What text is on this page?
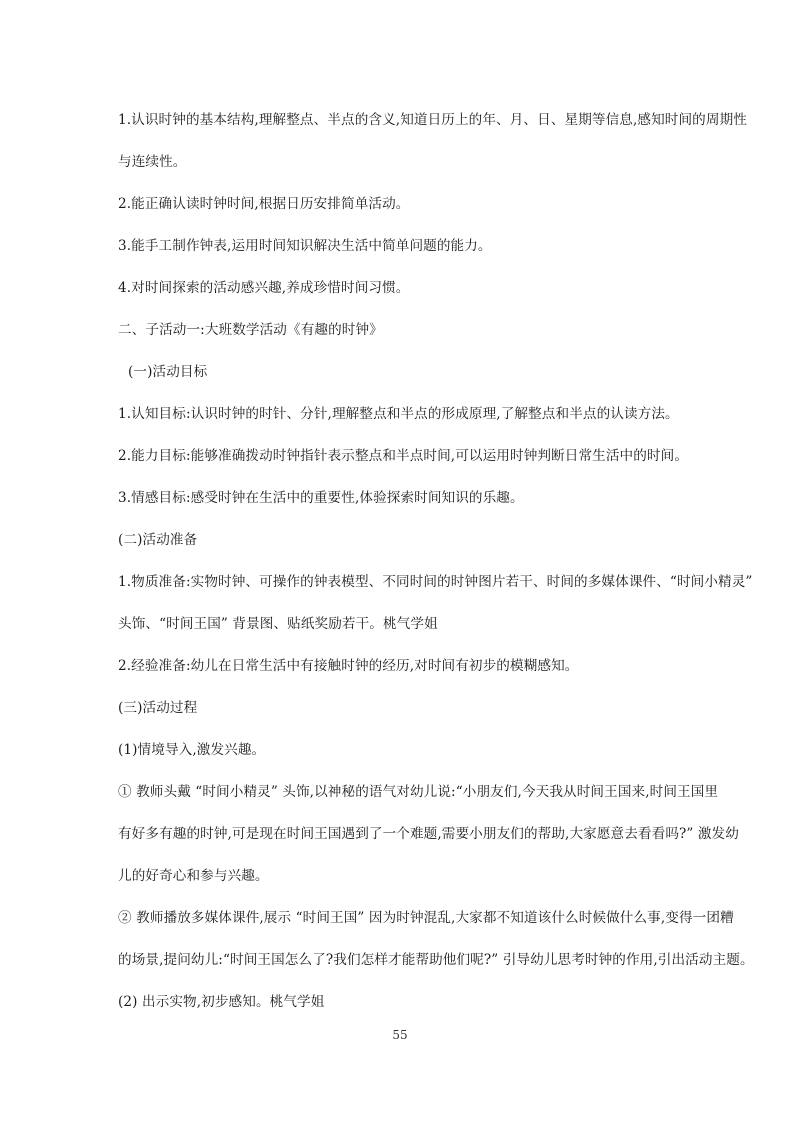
1.认识时钟的基本结构,理解整点、半点的含义,知道日历上的年、月、日、星期等信息,感知时间的周期性
与连续性。
2.能正确认读时钟时间,根据日历安排简单活动。
3.能手工制作钟表,运用时间知识解决生活中简单问题的能力。
4.对时间探索的活动感兴趣,养成珍惜时间习惯。
二、子活动一:大班数学活动《有趣的时钟》
(一)活动目标
1.认知目标:认识时钟的时针、分针,理解整点和半点的形成原理,了解整点和半点的认读方法。
2.能力目标:能够准确拨动时钟指针表示整点和半点时间,可以运用时钟判断日常生活中的时间。
3.情感目标:感受时钟在生活中的重要性,体验探索时间知识的乐趣。
(二)活动准备
1.物质准备:实物时钟、可操作的钟表模型、不同时间的时钟图片若干、时间的多媒体课件、“时间小精灵”
头饰、“时间王国” 背景图、贴纸奖励若干。桃气学姐
2.经验准备:幼儿在日常生活中有接触时钟的经历,对时间有初步的模糊感知。
(三)活动过程
(1)情境导入,激发兴趣。
① 教师头戴 “时间小精灵” 头饰,以神秘的语气对幼儿说:“小朋友们,今天我从时间王国来,时间王国里
有好多有趣的时钟,可是现在时间王国遇到了一个难题,需要小朋友们的帮助,大家愿意去看看吗?” 激发幼
儿的好奇心和参与兴趣。
② 教师播放多媒体课件,展示 “时间王国” 因为时钟混乱,大家都不知道该什么时候做什么事,变得一团糟
的场景,提问幼儿:“时间王国怎么了?我们怎样才能帮助他们呢?” 引导幼儿思考时钟的作用,引出活动主题。
(2) 出示实物,初步感知。桃气学姐
55
